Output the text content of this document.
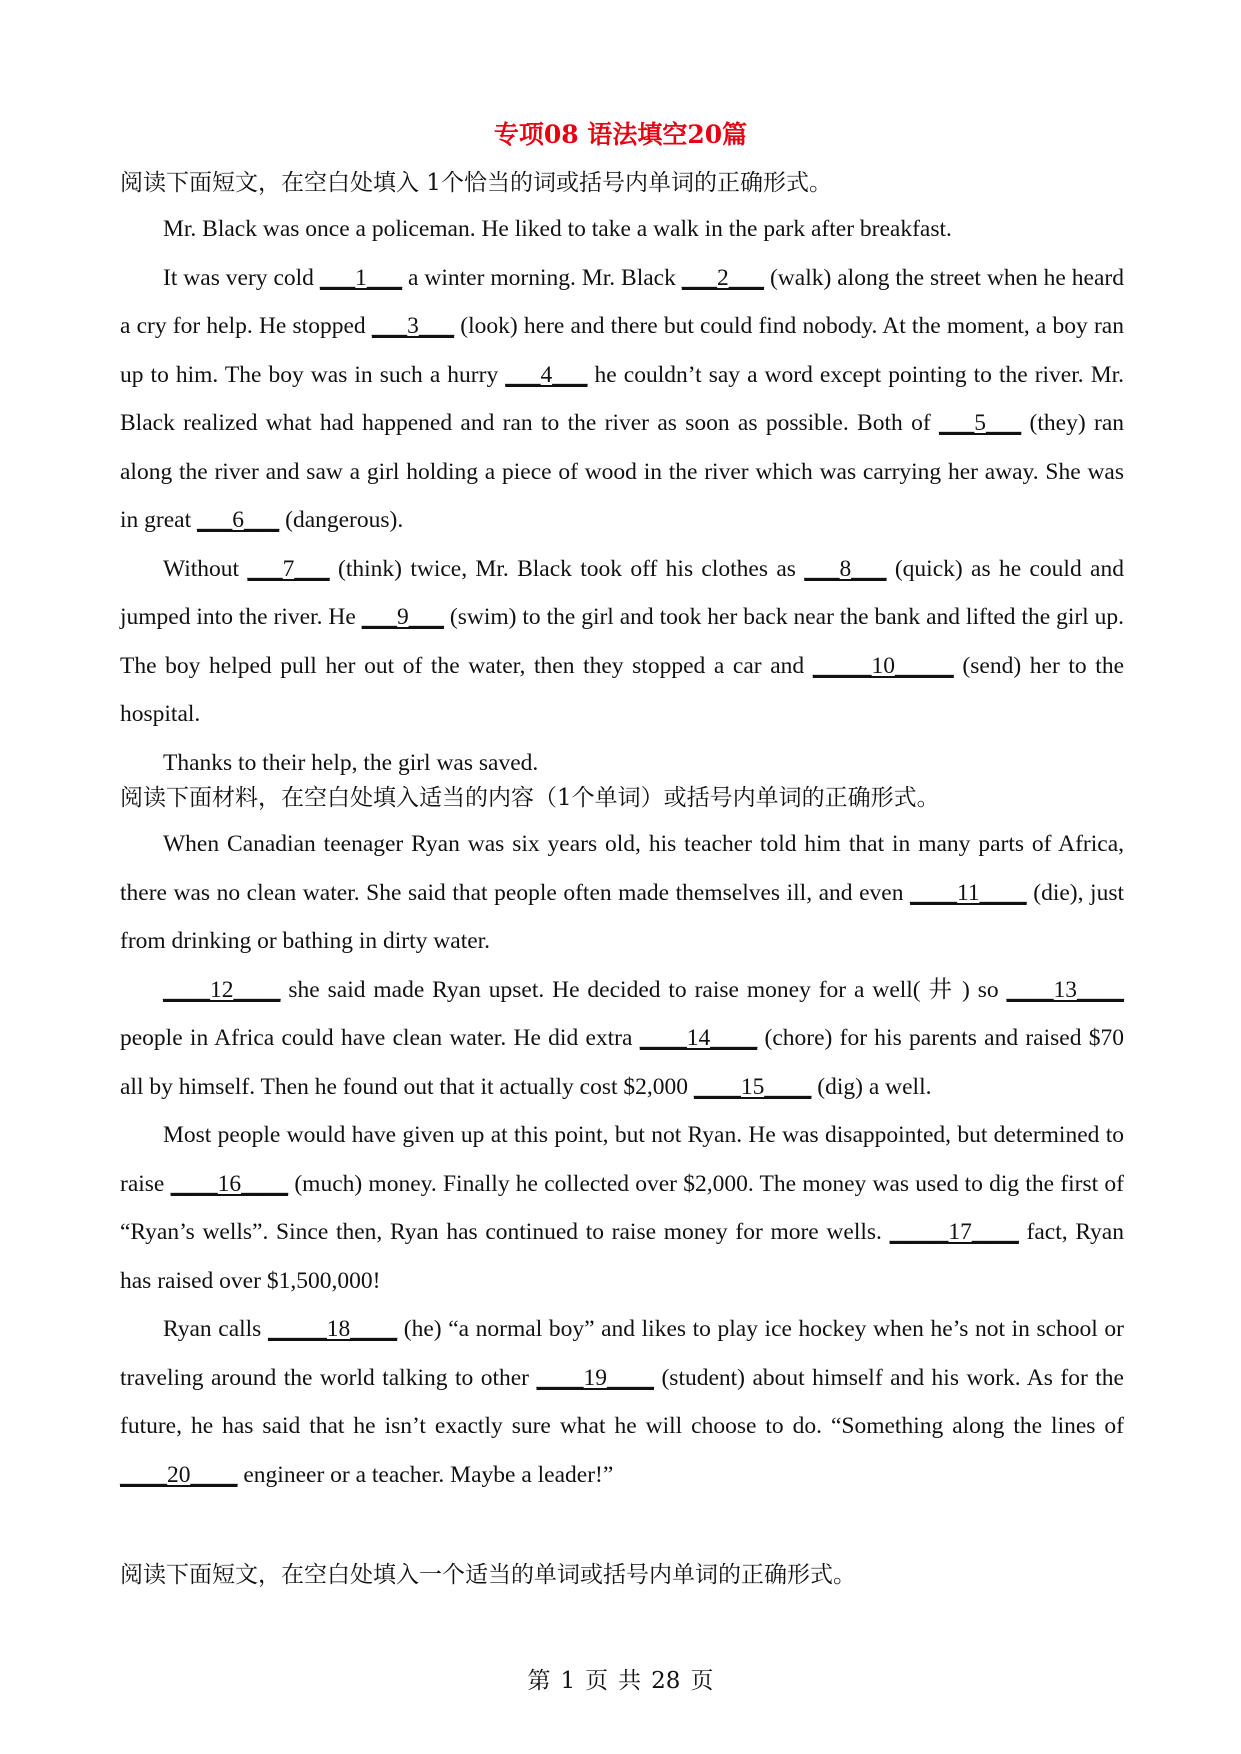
专项08 语法填空20篇
阅读下面短文，在空白处填入 1个恰当的词或括号内单词的正确形式。

Mr. Black was once a policeman. He liked to take a walk in the park after breakfast.

It was very cold ___1___ a winter morning. Mr. Black ___2___ (walk) along the street when he heard a cry for help. He stopped ___3___ (look) here and there but could find nobody. At the moment, a boy ran up to him. The boy was in such a hurry ___4___ he couldn’t say a word except pointing to the river. Mr. Black realized what had happened and ran to the river as soon as possible. Both of ___5___ (they) ran along the river and saw a girl holding a piece of wood in the river which was carrying her away. She was in great ___6___ (dangerous).

Without ___7___ (think) twice, Mr. Black took off his clothes as ___8___ (quick) as he could and jumped into the river. He ___9___ (swim) to the girl and took her back near the bank and lifted the girl up. The boy helped pull her out of the water, then they stopped a car and _____10_____ (send) her to the hospital.

Thanks to their help, the girl was saved.

阅读下面材料，在空白处填入适当的内容（1个单词）或括号内单词的正确形式。

When Canadian teenager Ryan was six years old, his teacher told him that in many parts of Africa, there was no clean water. She said that people often made themselves ill, and even ____11____ (die), just from drinking or bathing in dirty water.

____12____ she said made Ryan upset. He decided to raise money for a well( 井 ) so ____13____ people in Africa could have clean water. He did extra ____14____ (chore) for his parents and raised $70 all by himself. Then he found out that it actually cost $2,000 ____15____ (dig) a well.

Most people would have given up at this point, but not Ryan. He was disappointed, but determined to raise ____16____ (much) money. Finally he collected over $2,000. The money was used to dig the first of “Ryan’s wells”. Since then, Ryan has continued to raise money for more wells. _____17____ fact, Ryan has raised over $1,500,000!

Ryan calls _____18____ (he) “a normal boy” and likes to play ice hockey when he’s not in school or traveling around the world talking to other ____19____ (student) about himself and his work. As for the future, he has said that he isn’t exactly sure what he will choose to do. “Something along the lines of ____20____ engineer or a teacher. Maybe a leader!”

阅读下面短文，在空白处填入一个适当的单词或括号内单词的正确形式。
第 1 页 共 28 页
